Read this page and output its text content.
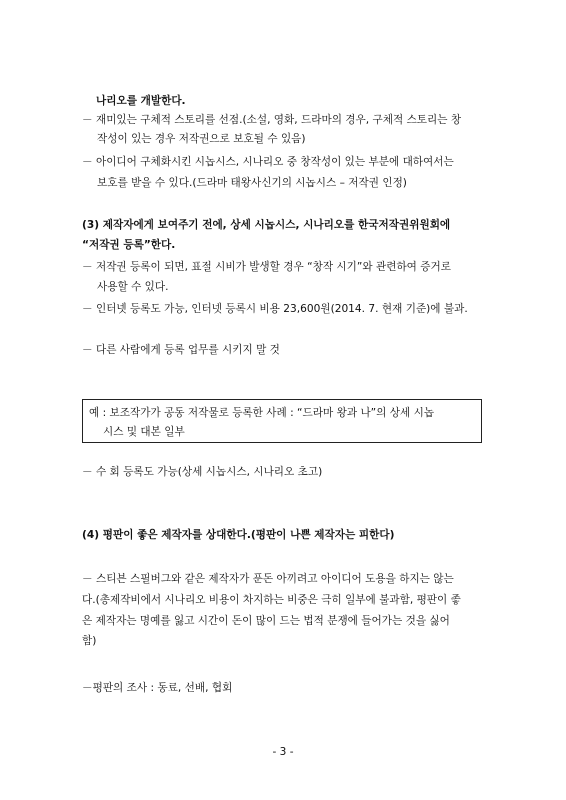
나리오를 개발한다.
－ 재미있는 구체적 스토리를 선점.(소설, 영화, 드라마의 경우, 구체적 스토리는 창
작성이 있는 경우 저작권으로 보호될 수 있음)
－ 아이디어 구체화시킨 시놉시스, 시나리오 중 창작성이 있는 부분에 대하여서는
보호를 받을 수 있다.(드라마 태왕사신기의 시놉시스 – 저작권 인정)
(3) 제작자에게 보여주기 전에, 상세 시놉시스, 시나리오를 한국저작권위원회에
“저작권 등록”한다.
－ 저작권 등록이 되면, 표절 시비가 발생할 경우 “창작 시기”와 관련하여 증거로
사용할 수 있다.
－ 인터넷 등록도 가능, 인터넷 등록시 비용 23,600원(2014. 7. 현재 기준)에 불과.
－ 다른 사람에게 등록 업무를 시키지 말 것
예 : 보조작가가 공동 저작물로 등록한 사례 : “드라마 왕과 나”의 상세 시놉
시스 및 대본 일부
－ 수 회 등록도 가능(상세 시놉시스, 시나리오 초고)
(4) 평판이 좋은 제작자를 상대한다.(평판이 나쁜 제작자는 피한다)
－ 스티븐 스필버그와 같은 제작자가 푼돈 아끼려고 아이디어 도용을 하지는 않는
다.(총제작비에서 시나리오 비용이 차지하는 비중은 극히 일부에 불과함, 평판이 좋
은 제작자는 명예를 잃고 시간이 돈이 많이 드는 법적 분쟁에 들어가는 것을 싫어
함)
－평판의 조사 : 동료, 선배, 협회
- 3 -
